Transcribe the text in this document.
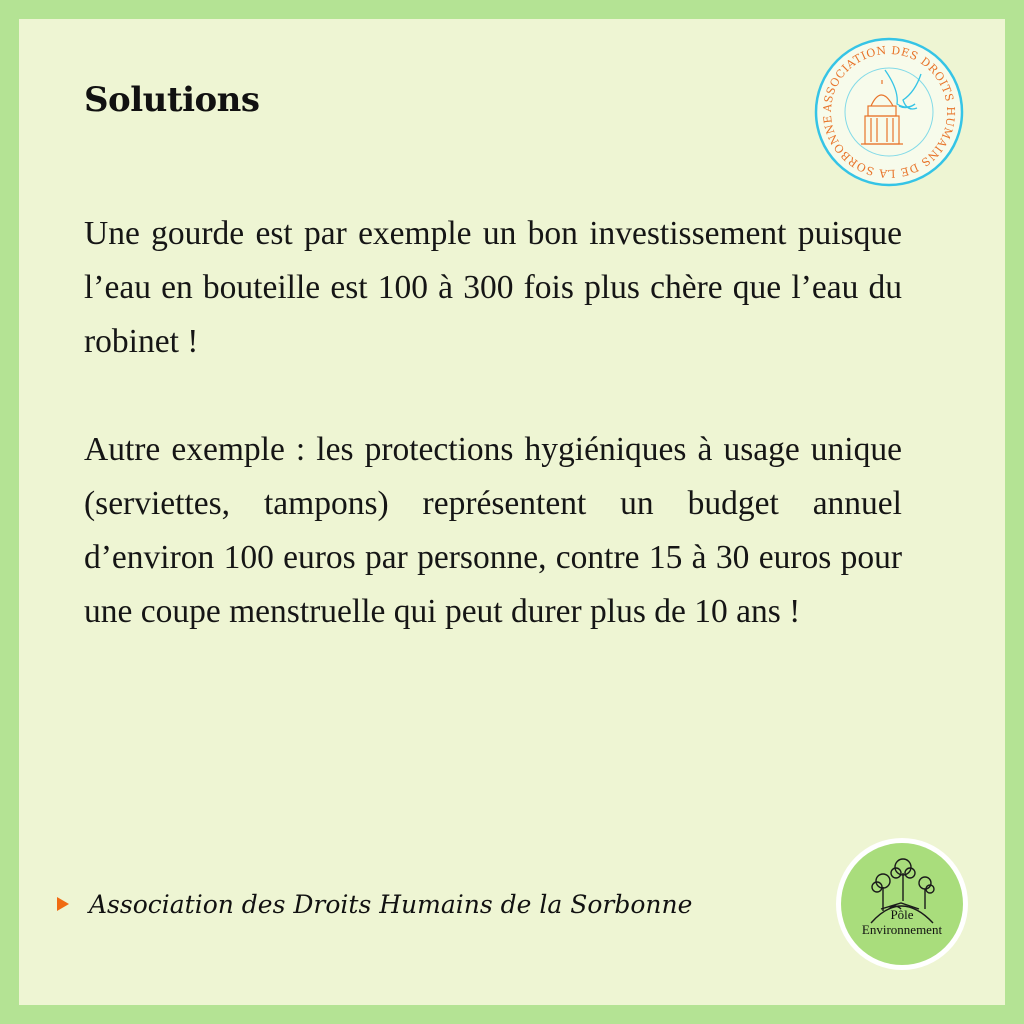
Solutions

Une gourde est par exemple un bon investissement puisque l’eau en bouteille est 100 à 300 fois plus chère que l’eau du robinet !

Autre exemple : les protections hygiéniques à usage unique (serviettes, tampons) représentent un budget annuel d’environ 100 euros par personne, contre 15 à 30 euros pour une coupe menstruelle qui peut durer plus de 10 ans !

Association des Droits Humains de la Sorbonne
ASSOCIATION DES DROITS HUMAINS DE LA SORBONNE
Pôle
Environnement
